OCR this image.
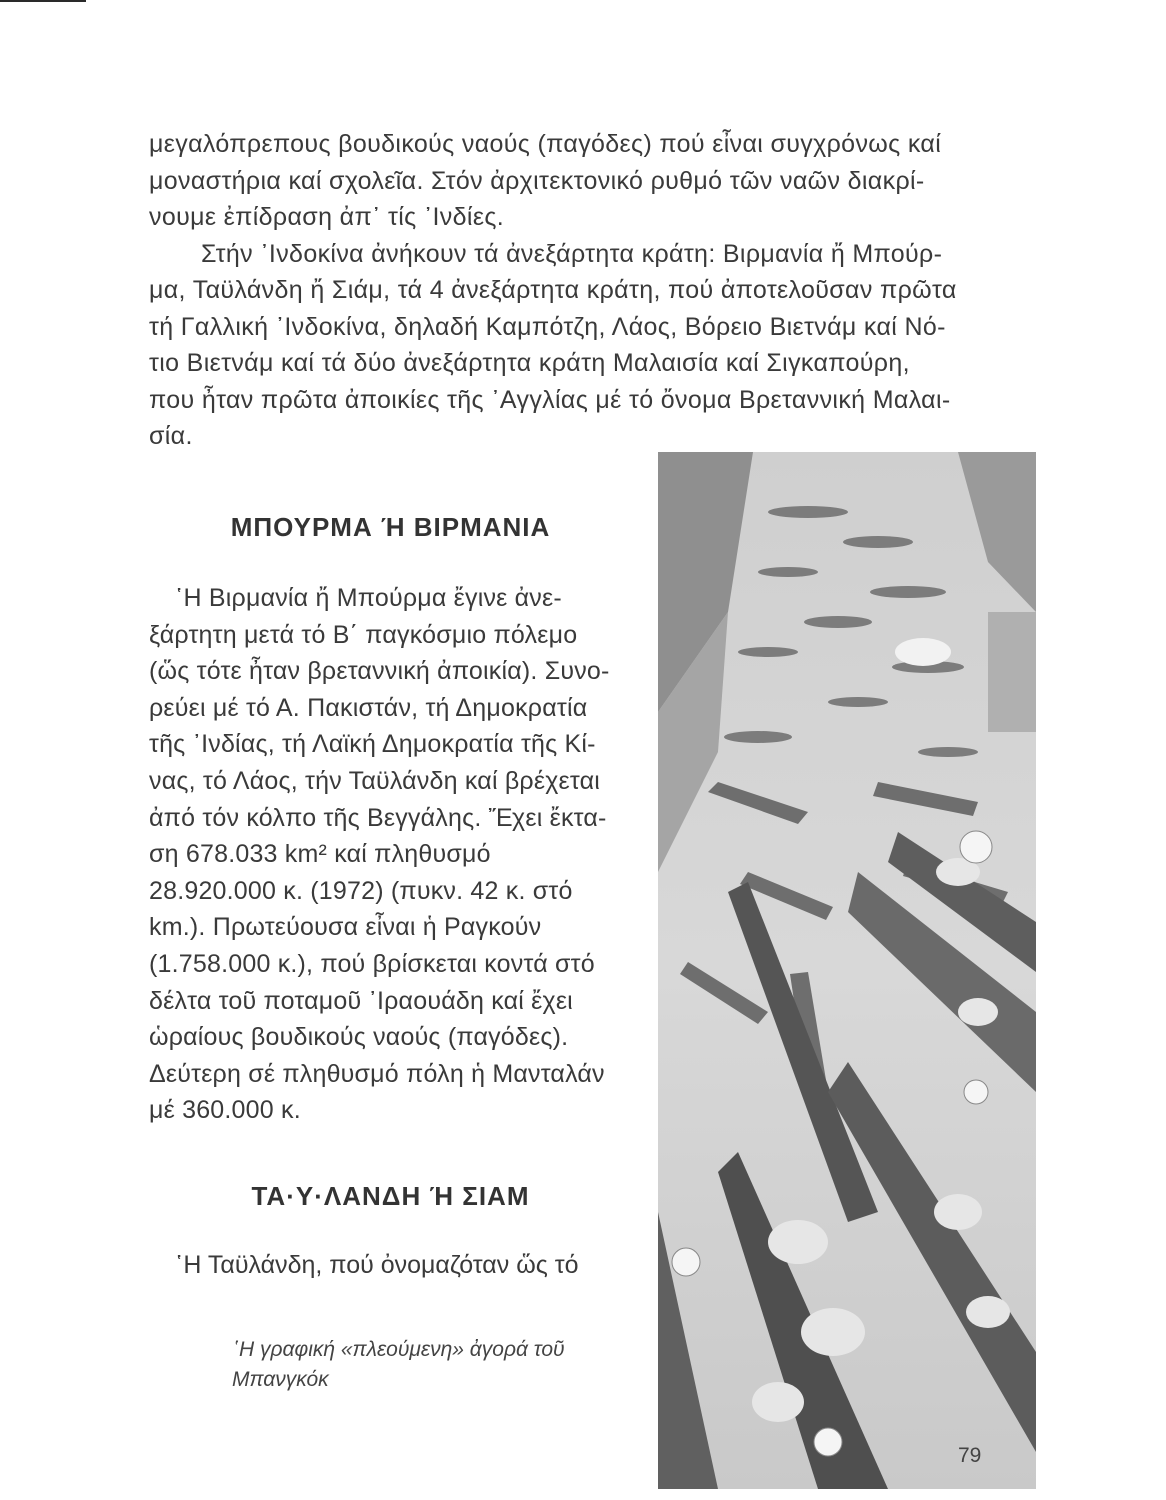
μεγαλόπρεπους βουδικούς ναούς (παγόδες) πού εἶναι συγχρόνως καί
μοναστήρια καί σχολεῖα. Στόν ἀρχιτεκτονικό ρυθμό τῶν ναῶν διακρί-
νουμε ἐπίδραση ἀπ᾿ τίς ᾿Ινδίες.

Στήν ᾿Ινδοκίνα ἀνήκουν τά ἀνεξάρτητα κράτη: Βιρμανία ἤ Μπούρ-
μα, Ταϋλάνδη ἤ Σιάμ, τά 4 ἀνεξάρτητα κράτη, πού ἀποτελοῦσαν πρῶτα
τή Γαλλική ᾿Ινδοκίνα, δηλαδή Καμπότζη, Λάος, Βόρειο Βιετνάμ καί Νό-
τιο Βιετνάμ καί τά δύο ἀνεξάρτητα κράτη Μαλαισία καί Σιγκαπούρη,
που ἦταν πρῶτα ἀποικίες τῆς ᾿Αγγλίας μέ τό ὄνομα Βρεταννική Μαλαι-
σία.

ΜΠΟΥΡΜΑ Ή ΒΙΡΜΑΝΙΑ

῾Η Βιρμανία ἤ Μπούρμα ἔγινε ἀνε-
ξάρτητη μετά τό Β΄ παγκόσμιο πόλεμο
(ὥς τότε ἦταν βρεταννική ἀποικία). Συνο-
ρεύει μέ τό Α. Πακιστάν, τή Δημοκρατία
τῆς ᾿Ινδίας, τή Λαϊκή Δημοκρατία τῆς Κί-
νας, τό Λάος, τήν Ταϋλάνδη καί βρέχεται
ἀπό τόν κόλπο τῆς Βεγγάλης. Ἔχει ἔκτα-
ση 678.033 km² καί πληθυσμό
28.920.000 κ. (1972) (πυκν. 42 κ. στό
km.). Πρωτεύουσα εἶναι ἡ Ραγκούν
(1.758.000 κ.), πού βρίσκεται κοντά στό
δέλτα τοῦ ποταμοῦ ᾿Ιραουάδη καί ἔχει
ὡραίους βουδικούς ναούς (παγόδες).
Δεύτερη σέ πληθυσμό πόλη ἡ Μανταλάν
μέ 360.000 κ.

ΤΑ·Υ·ΛΑΝΔΗ Ή ΣΙΑΜ
῾Η Ταϋλάνδη, πού ὀνομαζόταν ὥς τό
῾Η γραφική «πλεούμενη» ἀγορά τοῦ Μπανγκόκ
79
